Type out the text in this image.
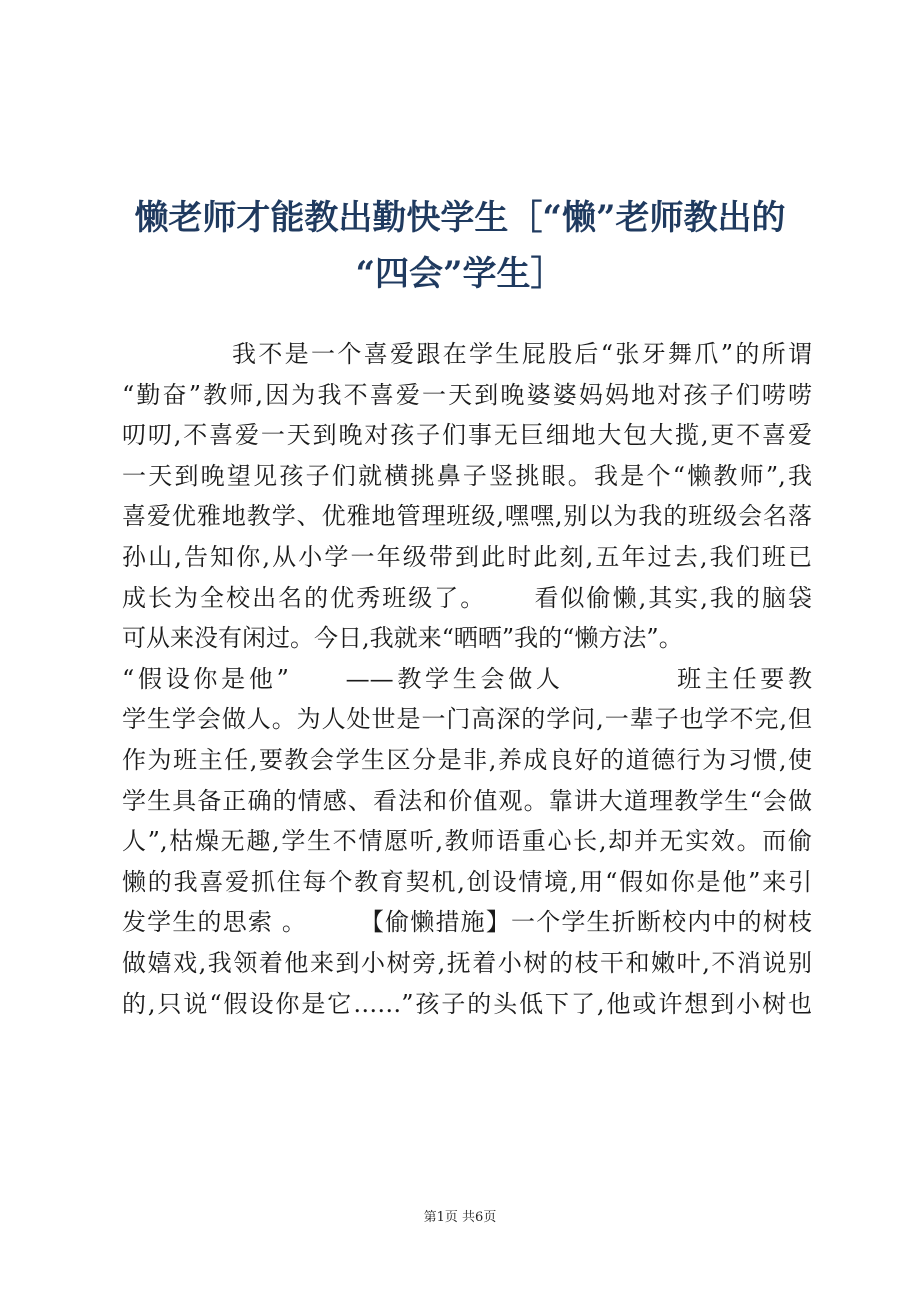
懒老师才能教出勤快学生［“懒”老师教出的
“四会”学生］
我不是一个喜爱跟在学生屁股后“张牙舞爪”的所谓
“勤奋”教师,因为我不喜爱一天到晚婆婆妈妈地对孩子们唠唠
叨叨,不喜爱一天到晚对孩子们事无巨细地大包大揽,更不喜爱
一天到晚望见孩子们就横挑鼻子竖挑眼。我是个“懒教师”,我
喜爱优雅地教学、优雅地管理班级,嘿嘿,别以为我的班级会名落
孙山,告知你,从小学一年级带到此时此刻,五年过去,我们班已
成长为全校出名的优秀班级了。     看似偷懒,其实,我的脑袋
可从来没有闲过。今日,我就来“晒晒”我的“懒方法”。
“假设你是他”     ——教学生会做人          班主任要教
学生学会做人。为人处世是一门高深的学问,一辈子也学不完,但
作为班主任,要教会学生区分是非,养成良好的道德行为习惯,使
学生具备正确的情感、看法和价值观。靠讲大道理教学生“会做
人”,枯燥无趣,学生不情愿听,教师语重心长,却并无实效。而偷
懒的我喜爱抓住每个教育契机,创设情境,用“假如你是他”来引
发学生的思索 。      【偷懒措施】一个学生折断校内中的树枝
做嬉戏,我领着他来到小树旁,抚着小树的枝干和嫩叶,不消说别
的,只说“假设你是它……”孩子的头低下了,他或许想到小树也
第1页 共6页
